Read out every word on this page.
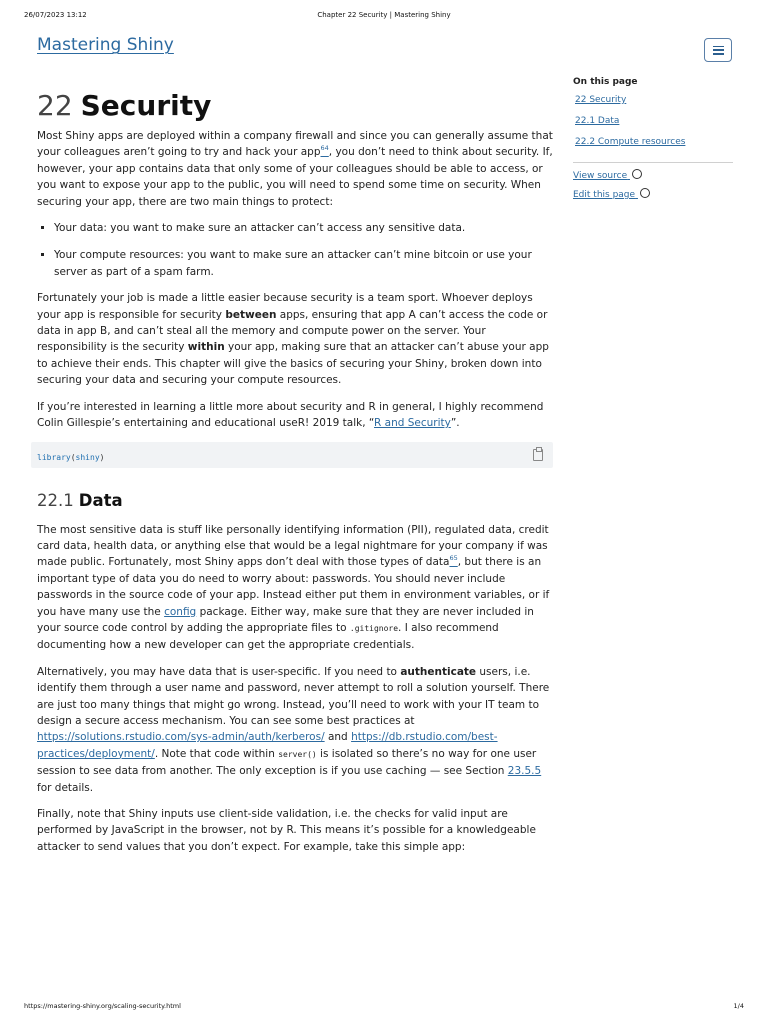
26/07/2023 13:12	Chapter 22 Security | Mastering Shiny
Mastering Shiny
On this page
22 Security
22.1 Data
22.2 Compute resources
View source
Edit this page
22 Security

Most Shiny apps are deployed within a company firewall and since you can generally assume that your colleagues aren’t going to try and hack your app$^{64}$, you don’t need to think about security. If, however, your app contains data that only some of your colleagues should be able to access, or you want to expose your app to the public, you will need to spend some time on security. When securing your app, there are two main things to protect:

▪ Your data: you want to make sure an attacker can’t access any sensitive data.
▪ Your compute resources: you want to make sure an attacker can’t mine bitcoin or use your server as part of a spam farm.

Fortunately your job is made a little easier because security is a team sport. Whoever deploys your app is responsible for security between apps, ensuring that app A can’t access the code or data in app B, and can’t steal all the memory and compute power on the server. Your responsibility is the security within your app, making sure that an attacker can’t abuse your app to achieve their ends. This chapter will give the basics of securing your Shiny, broken down into securing your data and securing your compute resources.

If you’re interested in learning a little more about security and R in general, I highly recommend Colin Gillespie’s entertaining and educational useR! 2019 talk, “R and Security”.

library(shiny)
22.1 Data

The most sensitive data is stuff like personally identifying information (PII), regulated data, credit card data, health data, or anything else that would be a legal nightmare for your company if was made public. Fortunately, most Shiny apps don’t deal with those types of data$^{65}$, but there is an important type of data you do need to worry about: passwords. You should never include passwords in the source code of your app. Instead either put them in environment variables, or if you have many use the config package. Either way, make sure that they are never included in your source code control by adding the appropriate files to .gitignore. I also recommend documenting how a new developer can get the appropriate credentials.

Alternatively, you may have data that is user-specific. If you need to authenticate users, i.e. identify them through a user name and password, never attempt to roll a solution yourself. There are just too many things that might go wrong. Instead, you’ll need to work with your IT team to design a secure access mechanism. You can see some best practices at https://solutions.rstudio.com/sys-admin/auth/kerberos/ and https://db.rstudio.com/best-practices/deployment/. Note that code within server() is isolated so there’s no way for one user session to see data from another. The only exception is if you use caching — see Section 23.5.5 for details.

Finally, note that Shiny inputs use client-side validation, i.e. the checks for valid input are performed by JavaScript in the browser, not by R. This means it’s possible for a knowledgeable attacker to send values that you don’t expect. For example, take this simple app:

https://mastering-shiny.org/scaling-security.html	1/4
